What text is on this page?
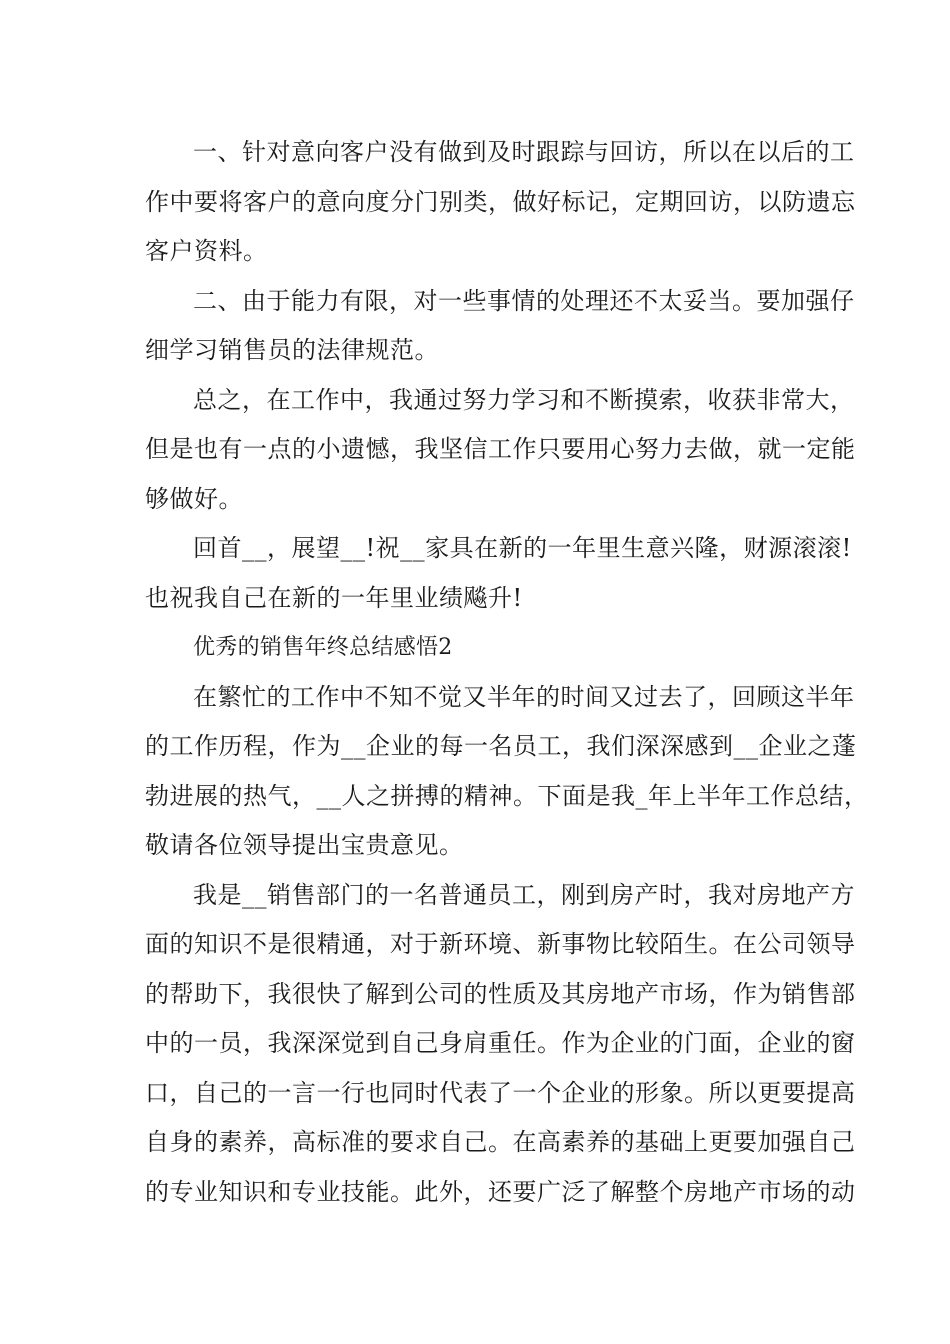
一、针对意向客户没有做到及时跟踪与回访，所以在以后的工
作中要将客户的意向度分门别类，做好标记，定期回访，以防遗忘
客户资料。

二、由于能力有限，对一些事情的处理还不太妥当。要加强仔
细学习销售员的法律规范。

总之，在工作中，我通过努力学习和不断摸索，收获非常大，
但是也有一点的小遗憾，我坚信工作只要用心努力去做，就一定能
够做好。

回首__，展望__!祝__家具在新的一年里生意兴隆，财源滚滚!
也祝我自己在新的一年里业绩飚升!

优秀的销售年终总结感悟2

在繁忙的工作中不知不觉又半年的时间又过去了，回顾这半年
的工作历程，作为__企业的每一名员工，我们深深感到__企业之蓬
勃进展的热气，__人之拼搏的精神。下面是我_年上半年工作总结，
敬请各位领导提出宝贵意见。

我是__销售部门的一名普通员工，刚到房产时，我对房地产方
面的知识不是很精通，对于新环境、新事物比较陌生。在公司领导
的帮助下，我很快了解到公司的性质及其房地产市场，作为销售部
中的一员，我深深觉到自己身肩重任。作为企业的门面，企业的窗
口，自己的一言一行也同时代表了一个企业的形象。所以更要提高
自身的素养，高标准的要求自己。在高素养的基础上更要加强自己
的专业知识和专业技能。此外，还要广泛了解整个房地产市场的动
